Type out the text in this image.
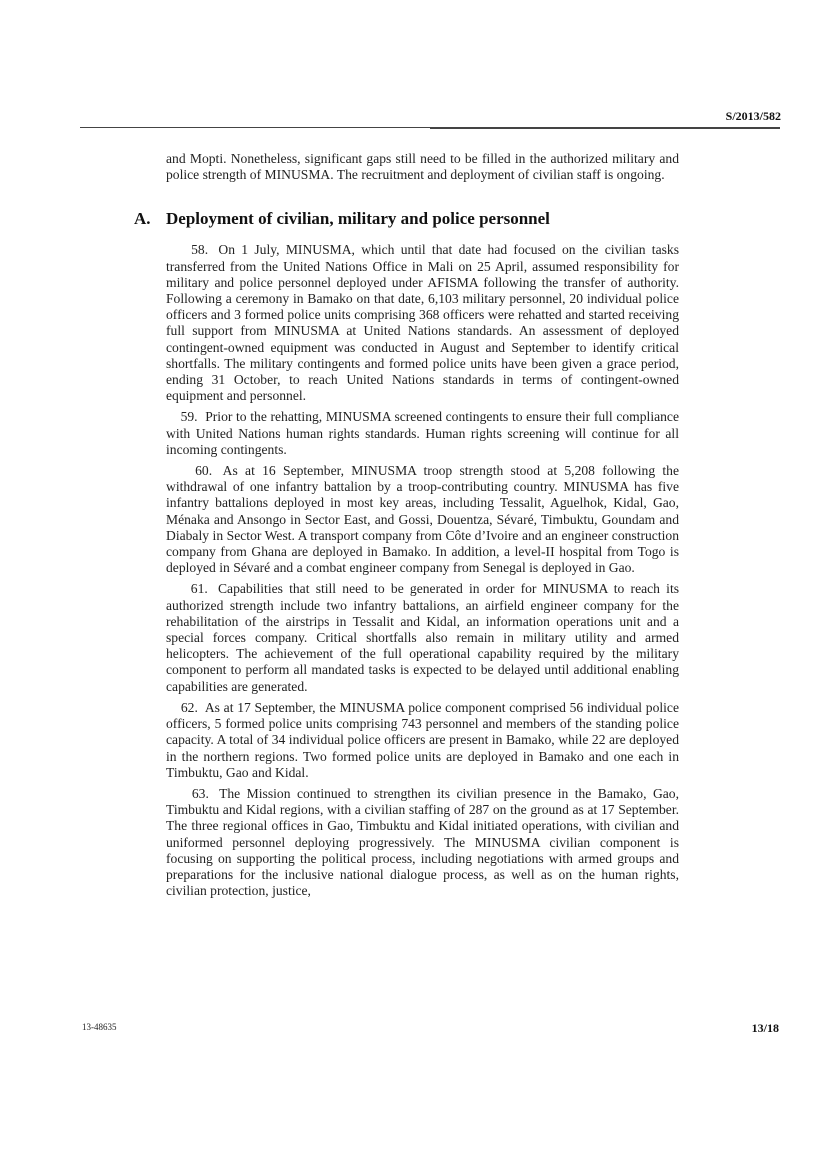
S/2013/582

and Mopti. Nonetheless, significant gaps still need to be filled in the authorized military and police strength of MINUSMA. The recruitment and deployment of civilian staff is ongoing.

A. Deployment of civilian, military and police personnel

58. On 1 July, MINUSMA, which until that date had focused on the civilian tasks transferred from the United Nations Office in Mali on 25 April, assumed responsibility for military and police personnel deployed under AFISMA following the transfer of authority. Following a ceremony in Bamako on that date, 6,103 military personnel, 20 individual police officers and 3 formed police units comprising 368 officers were rehatted and started receiving full support from MINUSMA at United Nations standards. An assessment of deployed contingent-owned equipment was conducted in August and September to identify critical shortfalls. The military contingents and formed police units have been given a grace period, ending 31 October, to reach United Nations standards in terms of contingent-owned equipment and personnel.

59. Prior to the rehatting, MINUSMA screened contingents to ensure their full compliance with United Nations human rights standards. Human rights screening will continue for all incoming contingents.

60. As at 16 September, MINUSMA troop strength stood at 5,208 following the withdrawal of one infantry battalion by a troop-contributing country. MINUSMA has five infantry battalions deployed in most key areas, including Tessalit, Aguelhok, Kidal, Gao, Ménaka and Ansongo in Sector East, and Gossi, Douentza, Sévaré, Timbuktu, Goundam and Diabaly in Sector West. A transport company from Côte d’Ivoire and an engineer construction company from Ghana are deployed in Bamako. In addition, a level-II hospital from Togo is deployed in Sévaré and a combat engineer company from Senegal is deployed in Gao.

61. Capabilities that still need to be generated in order for MINUSMA to reach its authorized strength include two infantry battalions, an airfield engineer company for the rehabilitation of the airstrips in Tessalit and Kidal, an information operations unit and a special forces company. Critical shortfalls also remain in military utility and armed helicopters. The achievement of the full operational capability required by the military component to perform all mandated tasks is expected to be delayed until additional enabling capabilities are generated.

62. As at 17 September, the MINUSMA police component comprised 56 individual police officers, 5 formed police units comprising 743 personnel and members of the standing police capacity. A total of 34 individual police officers are present in Bamako, while 22 are deployed in the northern regions. Two formed police units are deployed in Bamako and one each in Timbuktu, Gao and Kidal.

63. The Mission continued to strengthen its civilian presence in the Bamako, Gao, Timbuktu and Kidal regions, with a civilian staffing of 287 on the ground as at 17 September. The three regional offices in Gao, Timbuktu and Kidal initiated operations, with civilian and uniformed personnel deploying progressively. The MINUSMA civilian component is focusing on supporting the political process, including negotiations with armed groups and preparations for the inclusive national dialogue process, as well as on the human rights, civilian protection, justice,

13-48635	13/18
